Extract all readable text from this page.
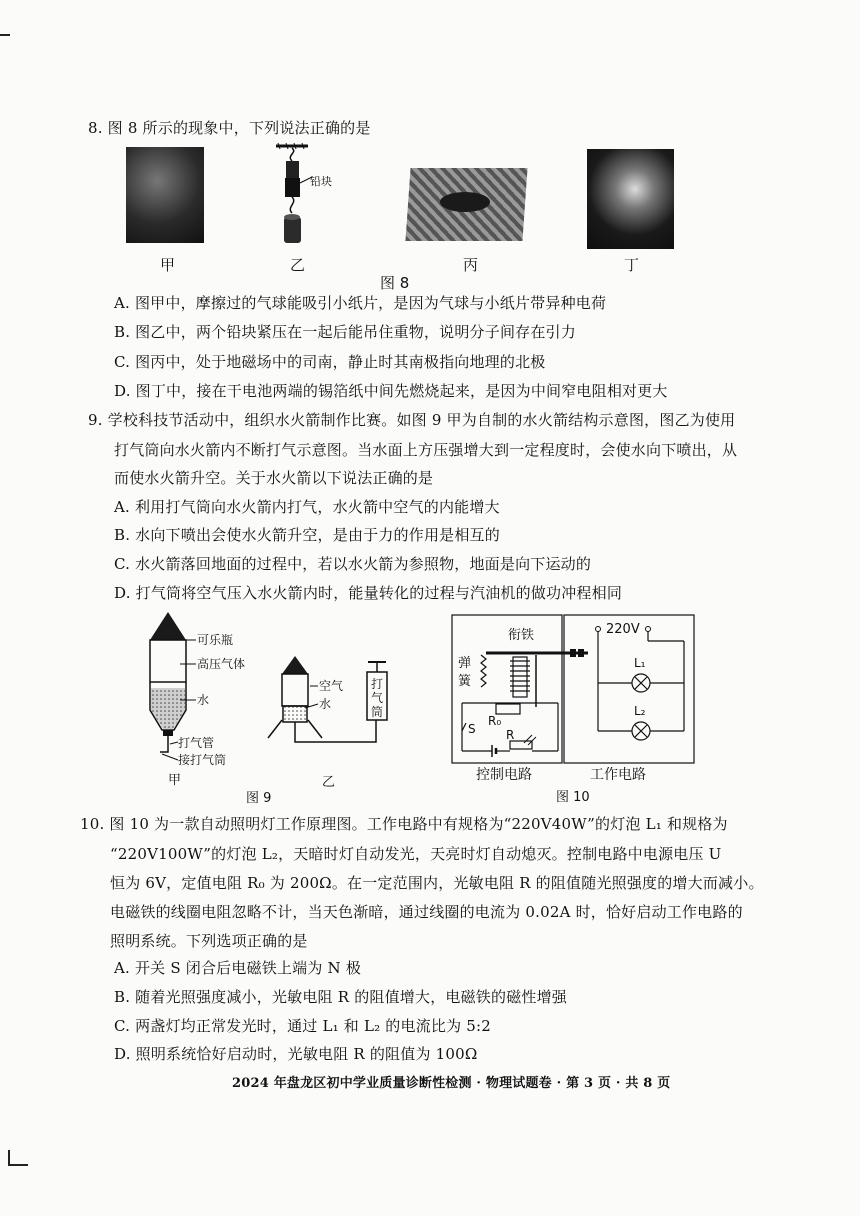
8. 图 8 所示的现象中，下列说法正确的是
铅块
甲	乙	丙	丁
图 8
A. 图甲中，摩擦过的气球能吸引小纸片，是因为气球与小纸片带异种电荷
B. 图乙中，两个铅块紧压在一起后能吊住重物，说明分子间存在引力
C. 图丙中，处于地磁场中的司南，静止时其南极指向地理的北极
D. 图丁中，接在干电池两端的锡箔纸中间先燃烧起来，是因为中间窄电阻相对更大
9. 学校科技节活动中，组织水火箭制作比赛。如图 9 甲为自制的水火箭结构示意图，图乙为使用
打气筒向水火箭内不断打气示意图。当水面上方压强增大到一定程度时，会使水向下喷出，从
而使水火箭升空。关于水火箭以下说法正确的是
A. 利用打气筒向水火箭内打气，水火箭中空气的内能增大
B. 水向下喷出会使水火箭升空，是由于力的作用是相互的
C. 水火箭落回地面的过程中，若以水火箭为参照物，地面是向下运动的
D. 打气筒将空气压入水火箭内时，能量转化的过程与汽油机的做功冲程相同
可乐瓶
高压气体
水
打气管
接打气筒
甲
空气
水
打
气
筒
乙
图 9
衔铁
弹
簧
R₀
S	R
220V
L₁
L₂
控制电路	工作电路
图 10
10. 图 10 为一款自动照明灯工作原理图。工作电路中有规格为“220V40W”的灯泡 L₁ 和规格为
“220V100W”的灯泡 L₂，天暗时灯自动发光，天亮时灯自动熄灭。控制电路中电源电压 U
恒为 6V，定值电阻 R₀ 为 200Ω。在一定范围内，光敏电阻 R 的阻值随光照强度的增大而减小。
电磁铁的线圈电阻忽略不计，当天色渐暗，通过线圈的电流为 0.02A 时，恰好启动工作电路的
照明系统。下列选项正确的是
A. 开关 S 闭合后电磁铁上端为 N 极
B. 随着光照强度减小，光敏电阻 R 的阻值增大，电磁铁的磁性增强
C. 两盏灯均正常发光时，通过 L₁ 和 L₂ 的电流比为 5:2
D. 照明系统恰好启动时，光敏电阻 R 的阻值为 100Ω
2024 年盘龙区初中学业质量诊断性检测 · 物理试题卷 · 第 3 页 · 共 8 页
